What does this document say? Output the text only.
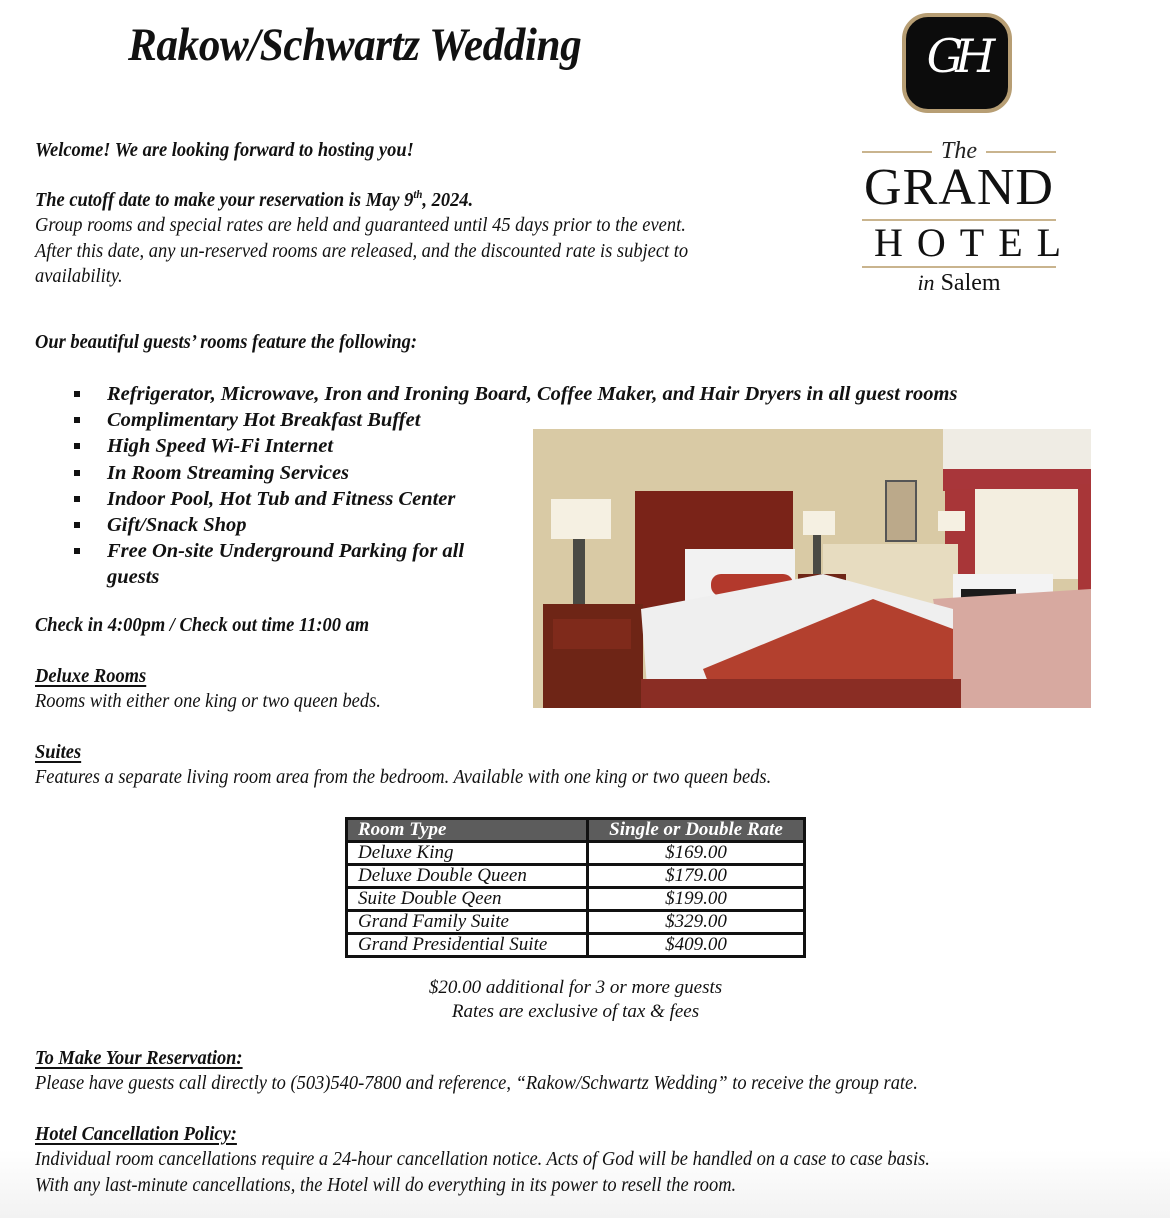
Rakow/Schwartz Wedding	GH
The
GRAND
HOTEL
in Salem
Welcome! We are looking forward to hosting you!
The cutoff date to make your reservation is May 9th, 2024.
Group rooms and special rates are held and guaranteed until 45 days prior to the event.
After this date, any un-reserved rooms are released, and the discounted rate is subject to
availability.
Our beautiful guests’ rooms feature the following:
Refrigerator, Microwave, Iron and Ironing Board, Coffee Maker, and Hair Dryers in all guest rooms
Complimentary Hot Breakfast Buffet
High Speed Wi-Fi Internet
In Room Streaming Services
Indoor Pool, Hot Tub and Fitness Center
Gift/Snack Shop
Free On-site Underground Parking for all
guests
Check in 4:00pm / Check out time 11:00 am
Deluxe Rooms
Rooms with either one king or two queen beds.
Suites
Features a separate living room area from the bedroom. Available with one king or two queen beds.
Room Type	Single or Double Rate
Deluxe King	$169.00
Deluxe Double Queen	$179.00
Suite Double Qeen	$199.00
Grand Family Suite	$329.00
Grand Presidential Suite	$409.00
$20.00 additional for 3 or more guests
Rates are exclusive of tax & fees
To Make Your Reservation:
Please have guests call directly to (503)540-7800 and reference, “Rakow/Schwartz Wedding” to receive the group rate.
Hotel Cancellation Policy:
Individual room cancellations require a 24-hour cancellation notice. Acts of God will be handled on a case to case basis.
With any last-minute cancellations, the Hotel will do everything in its power to resell the room.
